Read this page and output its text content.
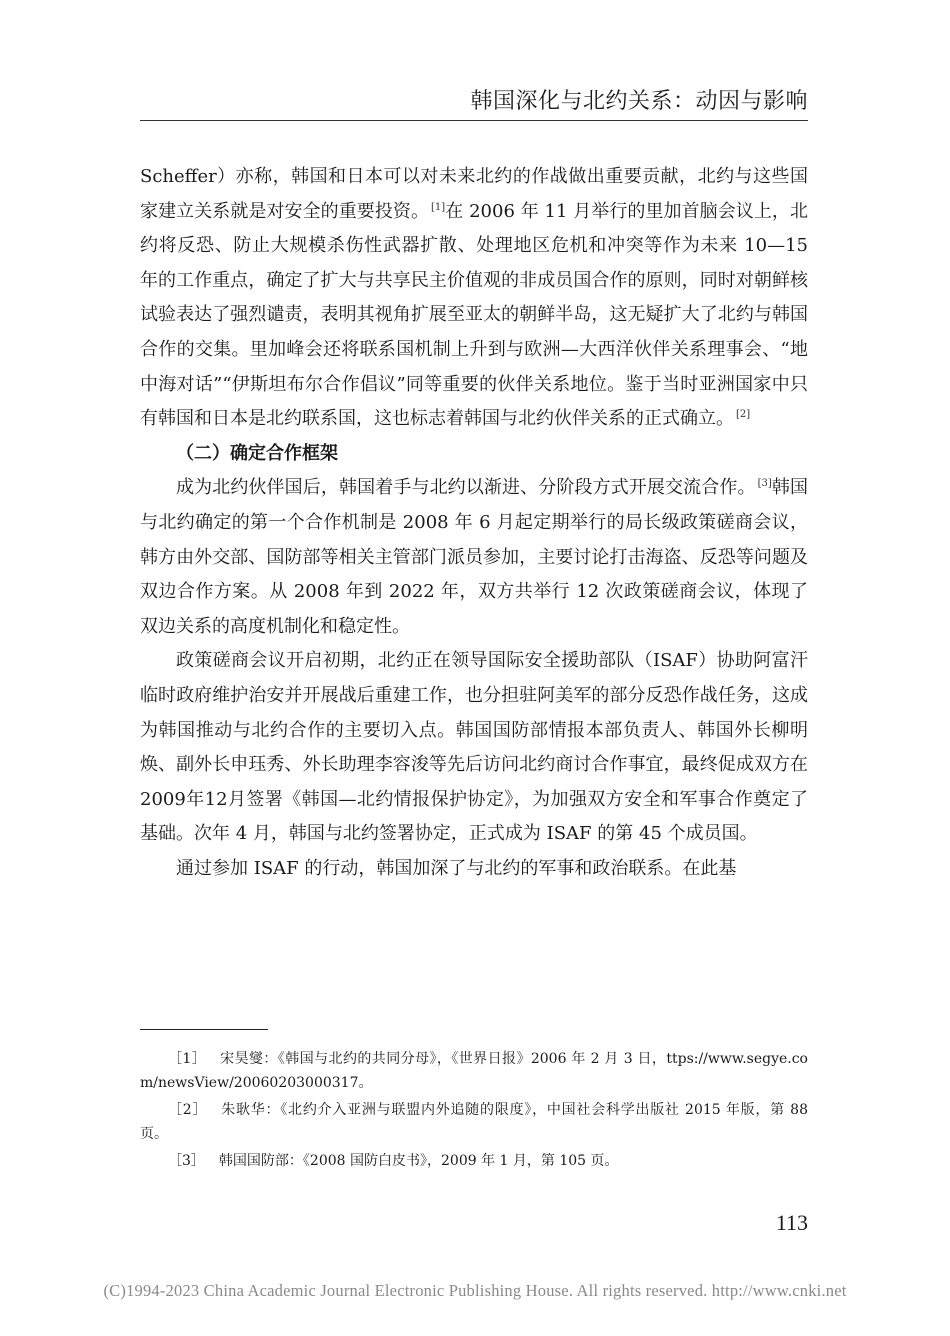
韩国深化与北约关系：动因与影响

Scheffer）亦称，韩国和日本可以对未来北约的作战做出重要贡献，北约与这些国家建立关系就是对安全的重要投资。 [1]在 2006 年 11 月举行的里加首脑会议上，北约将反恐、防止大规模杀伤性武器扩散、处理地区危机和冲突等作为未来 10—15 年的工作重点，确定了扩大与共享民主价值观的非成员国合作的原则，同时对朝鲜核试验表达了强烈谴责，表明其视角扩展至亚太的朝鲜半岛，这无疑扩大了北约与韩国合作的交集。里加峰会还将联系国机制上升到与欧洲—大西洋伙伴关系理事会、“地中海对话”“伊斯坦布尔合作倡议”同等重要的伙伴关系地位。鉴于当时亚洲国家中只有韩国和日本是北约联系国，这也标志着韩国与北约伙伴关系的正式确立。 [2]

（二）确定合作框架

成为北约伙伴国后，韩国着手与北约以渐进、分阶段方式开展交流合作。 [3]韩国与北约确定的第一个合作机制是 2008 年 6 月起定期举行的局长级政策磋商会议，韩方由外交部、国防部等相关主管部门派员参加，主要讨论打击海盗、反恐等问题及双边合作方案。从 2008 年到 2022 年，双方共举行 12 次政策磋商会议，体现了双边关系的高度机制化和稳定性。

政策磋商会议开启初期，北约正在领导国际安全援助部队（ISAF）协助阿富汗临时政府维护治安并开展战后重建工作，也分担驻阿美军的部分反恐作战任务，这成为韩国推动与北约合作的主要切入点。韩国国防部情报本部负责人、韩国外长柳明焕、副外长申珏秀、外长助理李容浚等先后访问北约商讨合作事宜，最终促成双方在2009年12月签署《韩国—北约情报保护协定》，为加强双方安全和军事合作奠定了基础。次年 4 月，韩国与北约签署协定，正式成为 ISAF 的第 45 个成员国。

通过参加 ISAF 的行动，韩国加深了与北约的军事和政治联系。在此基

［1］ 宋昊燮：《韩国与北约的共同分母》，《世界日报》2006 年 2 月 3 日，ttps://www.segye.com/newsView/20060203000317。

［2］ 朱耿华：《北约介入亚洲与联盟内外追随的限度》，中国社会科学出版社 2015 年版，第 88 页。

［3］ 韩国国防部：《2008 国防白皮书》，2009 年 1 月，第 105 页。

113
(C)1994-2023 China Academic Journal Electronic Publishing House. All rights reserved. http://www.cnki.net
